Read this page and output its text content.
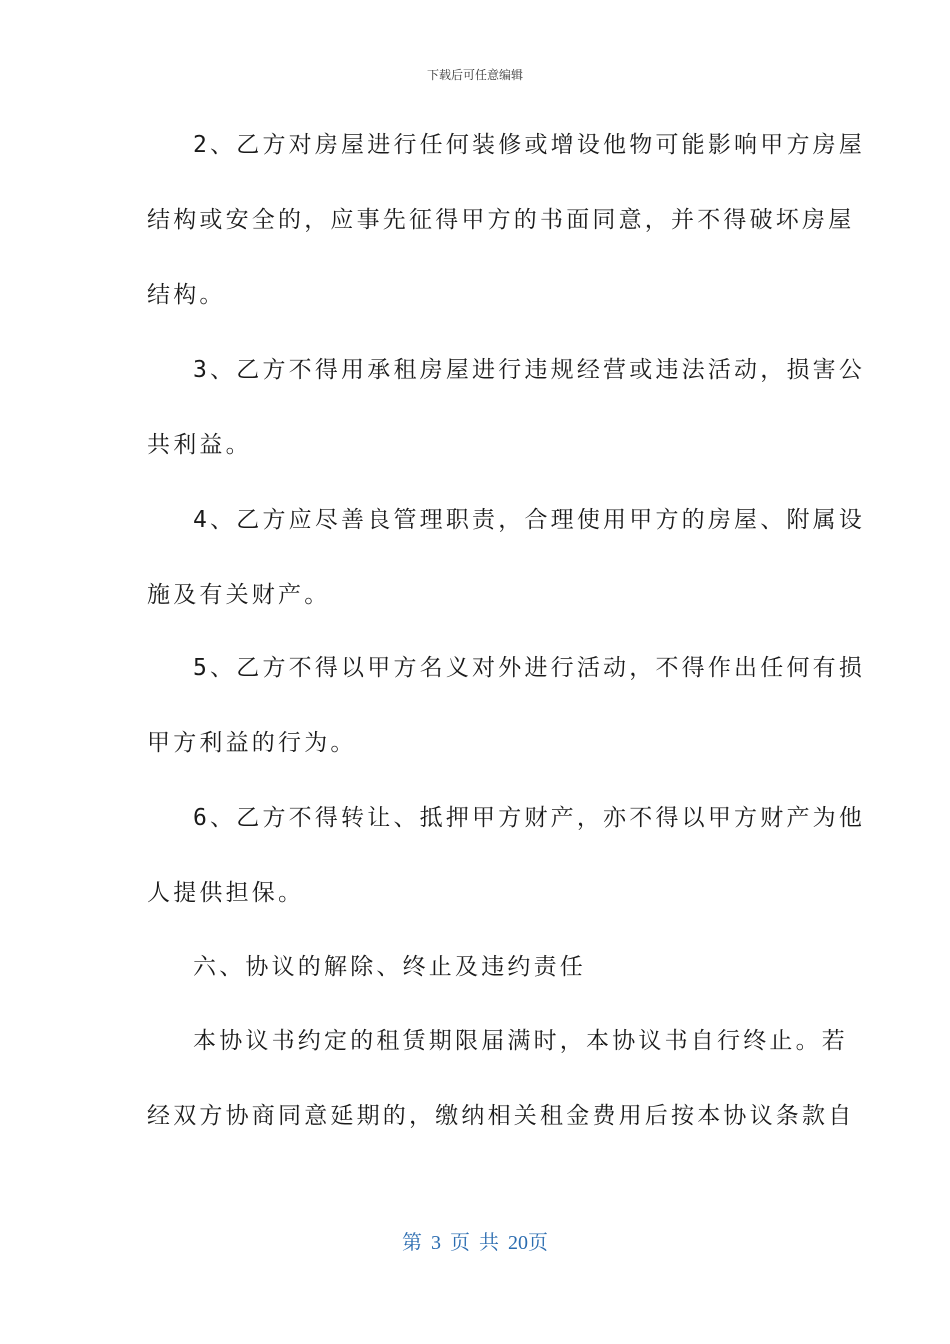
下载后可任意编辑
2、乙方对房屋进行任何装修或增设他物可能影响甲方房屋
结构或安全的，应事先征得甲方的书面同意，并不得破坏房屋
结构。
3、乙方不得用承租房屋进行违规经营或违法活动，损害公
共利益。
4、乙方应尽善良管理职责，合理使用甲方的房屋、附属设
施及有关财产。
5、乙方不得以甲方名义对外进行活动，不得作出任何有损
甲方利益的行为。
6、乙方不得转让、抵押甲方财产，亦不得以甲方财产为他
人提供担保。
六、协议的解除、终止及违约责任
本协议书约定的租赁期限届满时，本协议书自行终止。若
经双方协商同意延期的，缴纳相关租金费用后按本协议条款自
第 3 页 共 20页
